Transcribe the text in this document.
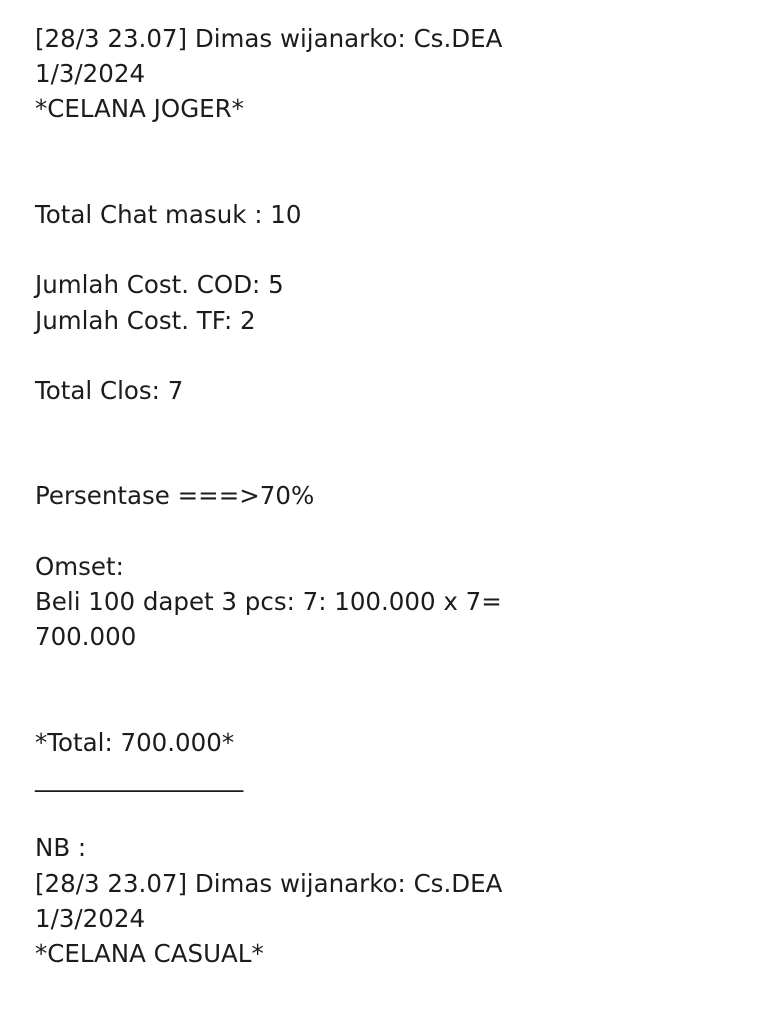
[28/3 23.07] Dimas wijanarko: Cs.DEA
1/3/2024
*CELANA JOGER*
Total Chat masuk : 10
Jumlah Cost. COD: 5
Jumlah Cost. TF: 2
Total Clos: 7
Persentase ===>70%
Omset:
Beli 100 dapet 3 pcs: 7: 100.000 x 7=
700.000
*Total: 700.000*
_________________
NB :
[28/3 23.07] Dimas wijanarko: Cs.DEA
1/3/2024
*CELANA CASUAL*
